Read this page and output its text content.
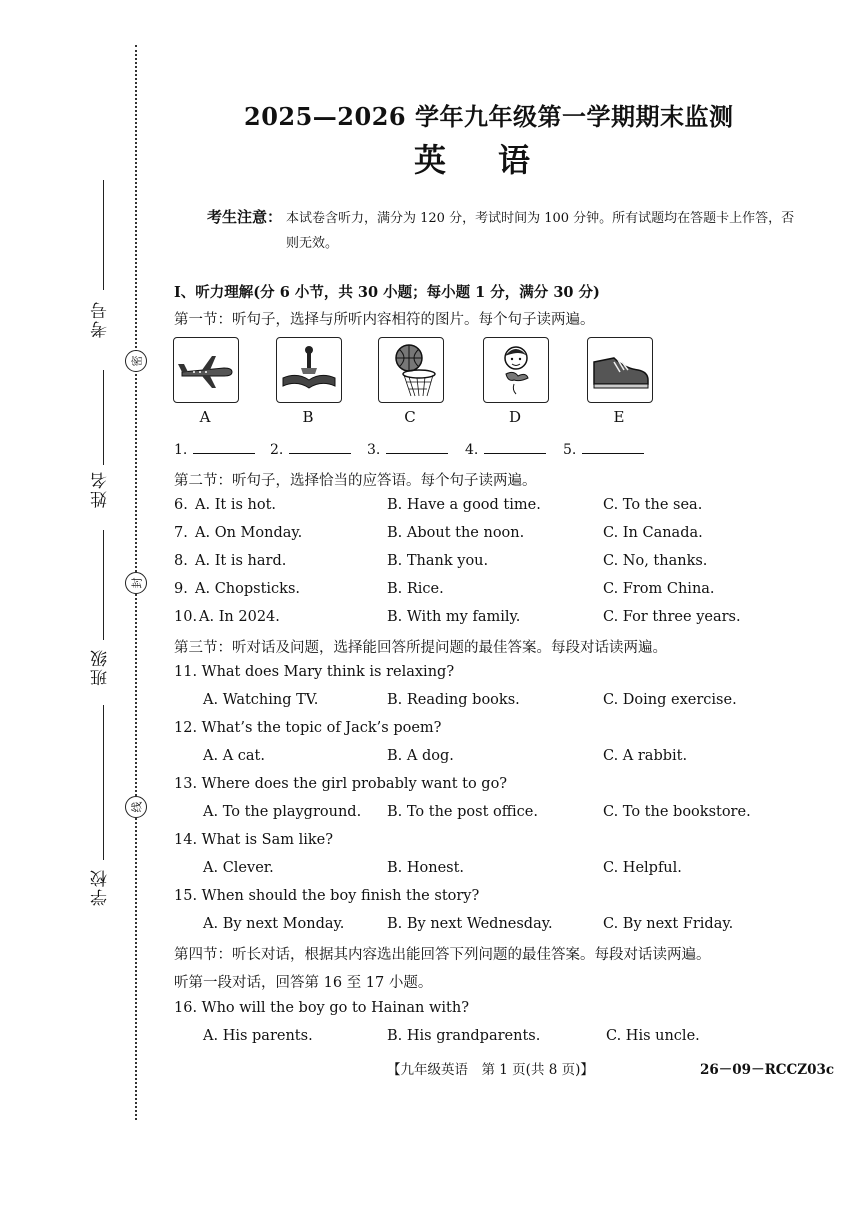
考号
姓名
班级
学校
密
封
线
2025—2026 学年九年级第一学期期末监测
英语
考生注意： 本试卷含听力，满分为 120 分，考试时间为 100 分钟。所有试题均在答题卡上作答，否则无效。
Ⅰ、听力理解(分 6 小节，共 30 小题；每小题 1 分，满分 30 分)
第一节：听句子，选择与所听内容相符的图片。每个句子读两遍。
A	B	C	D	E
1.	2.	3.	4.	5.
第二节：听句子，选择恰当的应答语。每个句子读两遍。
6. A. It is hot.	B. Have a good time.	C. To the sea.
7. A. On Monday.	B. About the noon.	C. In Canada.
8. A. It is hard.	B. Thank you.	C. No, thanks.
9. A. Chopsticks.	B. Rice.	C. From China.
10. A. In 2024.	B. With my family.	C. For three years.
第三节：听对话及问题，选择能回答所提问题的最佳答案。每段对话读两遍。
11. What does Mary think is relaxing?
A. Watching TV.	B. Reading books.	C. Doing exercise.
12. What’s the topic of Jack’s poem?
A. A cat.	B. A dog.	C. A rabbit.
13. Where does the girl probably want to go?
A. To the playground. B. To the post office.	C. To the bookstore.
14. What is Sam like?
A. Clever.	B. Honest.	C. Helpful.
15. When should the boy finish the story?
A. By next Monday.	B. By next Wednesday.	C. By next Friday.
第四节：听长对话，根据其内容选出能回答下列问题的最佳答案。每段对话读两遍。
听第一段对话，回答第 16 至 17 小题。
16. Who will the boy go to Hainan with?
A. His parents.	B. His grandparents.	C. His uncle.
【九年级英语　第 1 页(共 8 页)】	26－09－RCCZ03c
